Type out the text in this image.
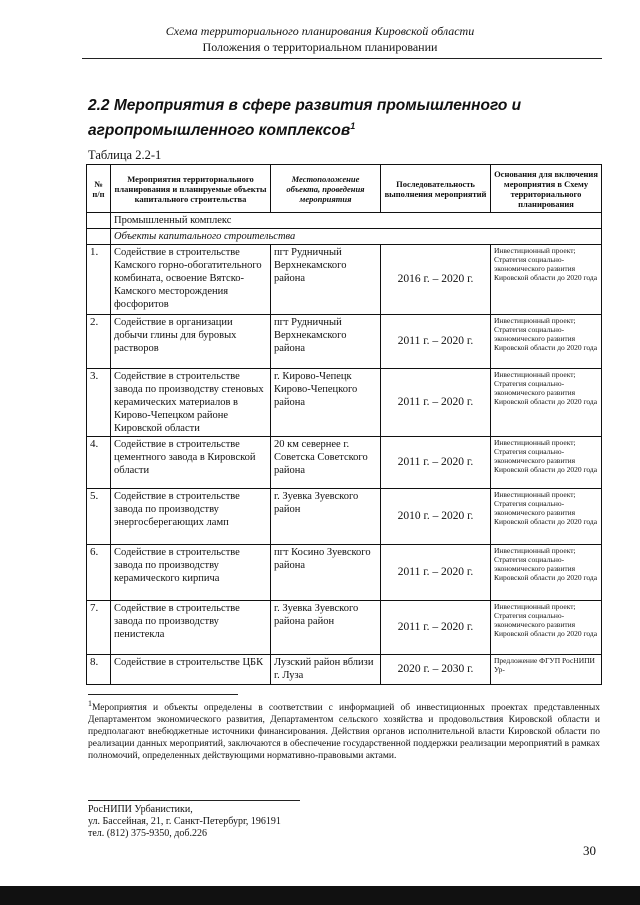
Схема территориального планирования Кировской области
Положения о территориальном планировании
2.2 Мероприятия в сфере развития промышленного и агропромышленного комплексов$^1$
Таблица 2.2-1
№ п/п	Мероприятия территориального планирования и планируемые объекты капитального строительства	Местоположение объекта, проведения мероприятия	Последовательность выполнения мероприятий	Основания для включения мероприятия в Схему территориального планирования
	Промышленный комплекс			
	Объекты капитального строительства			
1.	Содействие в строительстве Камского горно-обогатительного комбината, освоение Вятско-Камского месторождения фосфоритов	пгт Рудничный Верхнекамского района	2016 г. – 2020 г.	Инвестиционный проект; Стратегия социально-экономического развития Кировской области до 2020 года
2.	Содействие в организации добычи глины для буровых растворов	пгт Рудничный Верхнекамского района	2011 г. – 2020 г.	Инвестиционный проект; Стратегия социально-экономического развития Кировской области до 2020 года
3.	Содействие в строительстве завода по производству стеновых керамических материалов в Кирово-Чепецком районе Кировской области	г. Кирово-Чепецк Кирово-Чепецкого района	2011 г. – 2020 г.	Инвестиционный проект; Стратегия социально-экономического развития Кировской области до 2020 года
4.	Содействие в строительстве цементного завода в Кировской области	20 км севернее г. Советска Советского района	2011 г. – 2020 г.	Инвестиционный проект; Стратегия социально-экономического развития Кировской области до 2020 года
5.	Содействие в строительстве завода по производству энергосберегающих ламп	г. Зуевка Зуевского район	2010 г. – 2020 г.	Инвестиционный проект; Стратегия социально-экономического развития Кировской области до 2020 года
6.	Содействие в строительстве завода по производству керамического кирпича	пгт Косино Зуевского района	2011 г. – 2020 г.	Инвестиционный проект; Стратегия социально-экономического развития Кировской области до 2020 года
7.	Содействие в строительстве завода по производству пенистекла	г. Зуевка Зуевского района район	2011 г. – 2020 г.	Инвестиционный проект; Стратегия социально-экономического развития Кировской области до 2020 года
8.	Содействие в строительстве ЦБК	Лузский район вблизи г. Луза	2020 г. – 2030 г.	Предложение ФГУП РосНИПИ Ур-
$^1$Мероприятия и объекты определены в соответствии с информацией об инвестиционных проектах представленных Департаментом экономического развития, Департаментом сельского хозяйства и продовольствия Кировской области и предполагают внебюджетные источники финансирования. Действия органов исполнительной власти Кировской области по реализации данных мероприятий, заключаются в обеспечение государственной поддержки реализации мероприятий в рамках полномочий, определенных действующими нормативно-правовыми актами.
РосНИПИ Урбанистики,
ул. Бассейная, 21, г. Санкт-Петербург, 196191
тел. (812) 375-9350, доб.226
30
